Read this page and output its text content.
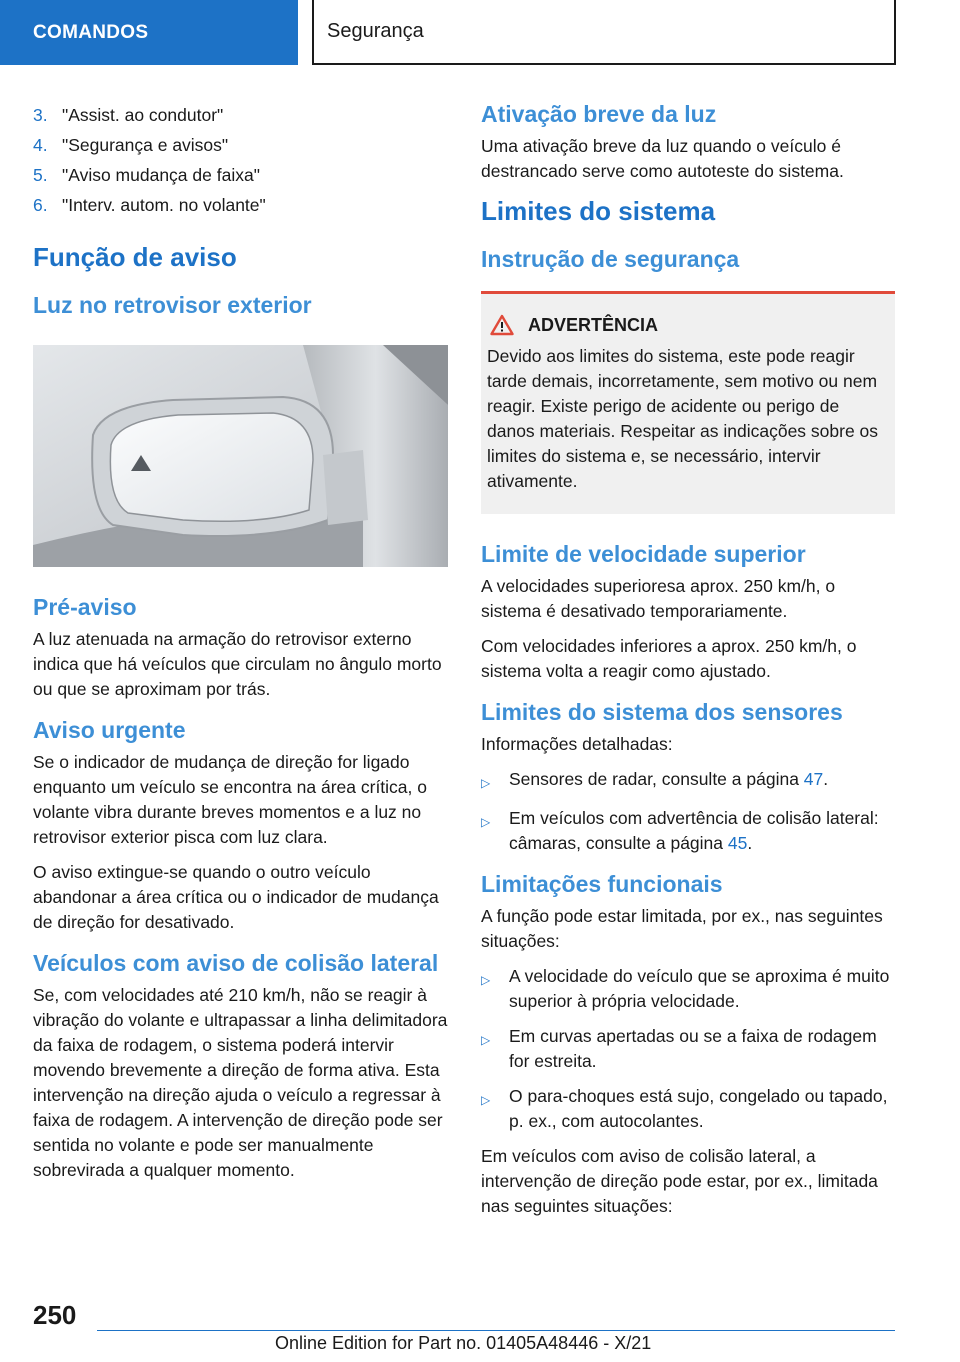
COMANDOS	Segurança
3. "Assist. ao condutor"
4. "Segurança e avisos"
5. "Aviso mudança de faixa"
6. "Interv. autom. no volante"
Função de aviso
Luz no retrovisor exterior
Pré-aviso

A luz atenuada na armação do retrovisor externo indica que há veículos que circulam no ângulo morto ou que se aproximam por trás.

Aviso urgente

Se o indicador de mudança de direção for ligado enquanto um veículo se encontra na área crítica, o volante vibra durante breves momentos e a luz no retrovisor exterior pisca com luz clara.

O aviso extingue-se quando o outro veículo abandonar a área crítica ou o indicador de mudança de direção for desativado.

Veículos com aviso de colisão lateral

Se, com velocidades até 210 km/h, não se reagir à vibração do volante e ultrapassar a linha delimitadora da faixa de rodagem, o sistema poderá intervir movendo brevemente a direção de forma ativa. Esta intervenção na direção ajuda o veículo a regressar à faixa de rodagem. A intervenção de direção pode ser sentida no volante e pode ser manualmente sobrevirada a qualquer momento.

Ativação breve da luz

Uma ativação breve da luz quando o veículo é destrancado serve como autoteste do sistema.

Limites do sistema
Instrução de segurança
ADVERTÊNCIA

Devido aos limites do sistema, este pode reagir tarde demais, incorretamente, sem motivo ou nem reagir. Existe perigo de acidente ou perigo de danos materiais. Respeitar as indicações sobre os limites do sistema e, se necessário, intervir ativamente.

Limite de velocidade superior

A velocidades superioresa aprox. 250 km/h, o sistema é desativado temporariamente.

Com velocidades inferiores a aprox. 250 km/h, o sistema volta a reagir como ajustado.

Limites do sistema dos sensores

Informações detalhadas:

▷	Sensores de radar, consulte a página 47.
▷	Em veículos com advertência de colisão lateral: câmaras, consulte a página 45.
Limitações funcionais

A função pode estar limitada, por ex., nas seguintes situações:

▷	A velocidade do veículo que se aproxima é muito superior à própria velocidade.
▷	Em curvas apertadas ou se a faixa de rodagem for estreita.
▷	O para-choques está sujo, congelado ou tapado, p. ex., com autocolantes.

Em veículos com aviso de colisão lateral, a intervenção de direção pode estar, por ex., limitada nas seguintes situações:

250
Online Edition for Part no. 01405A48446 - X/21
